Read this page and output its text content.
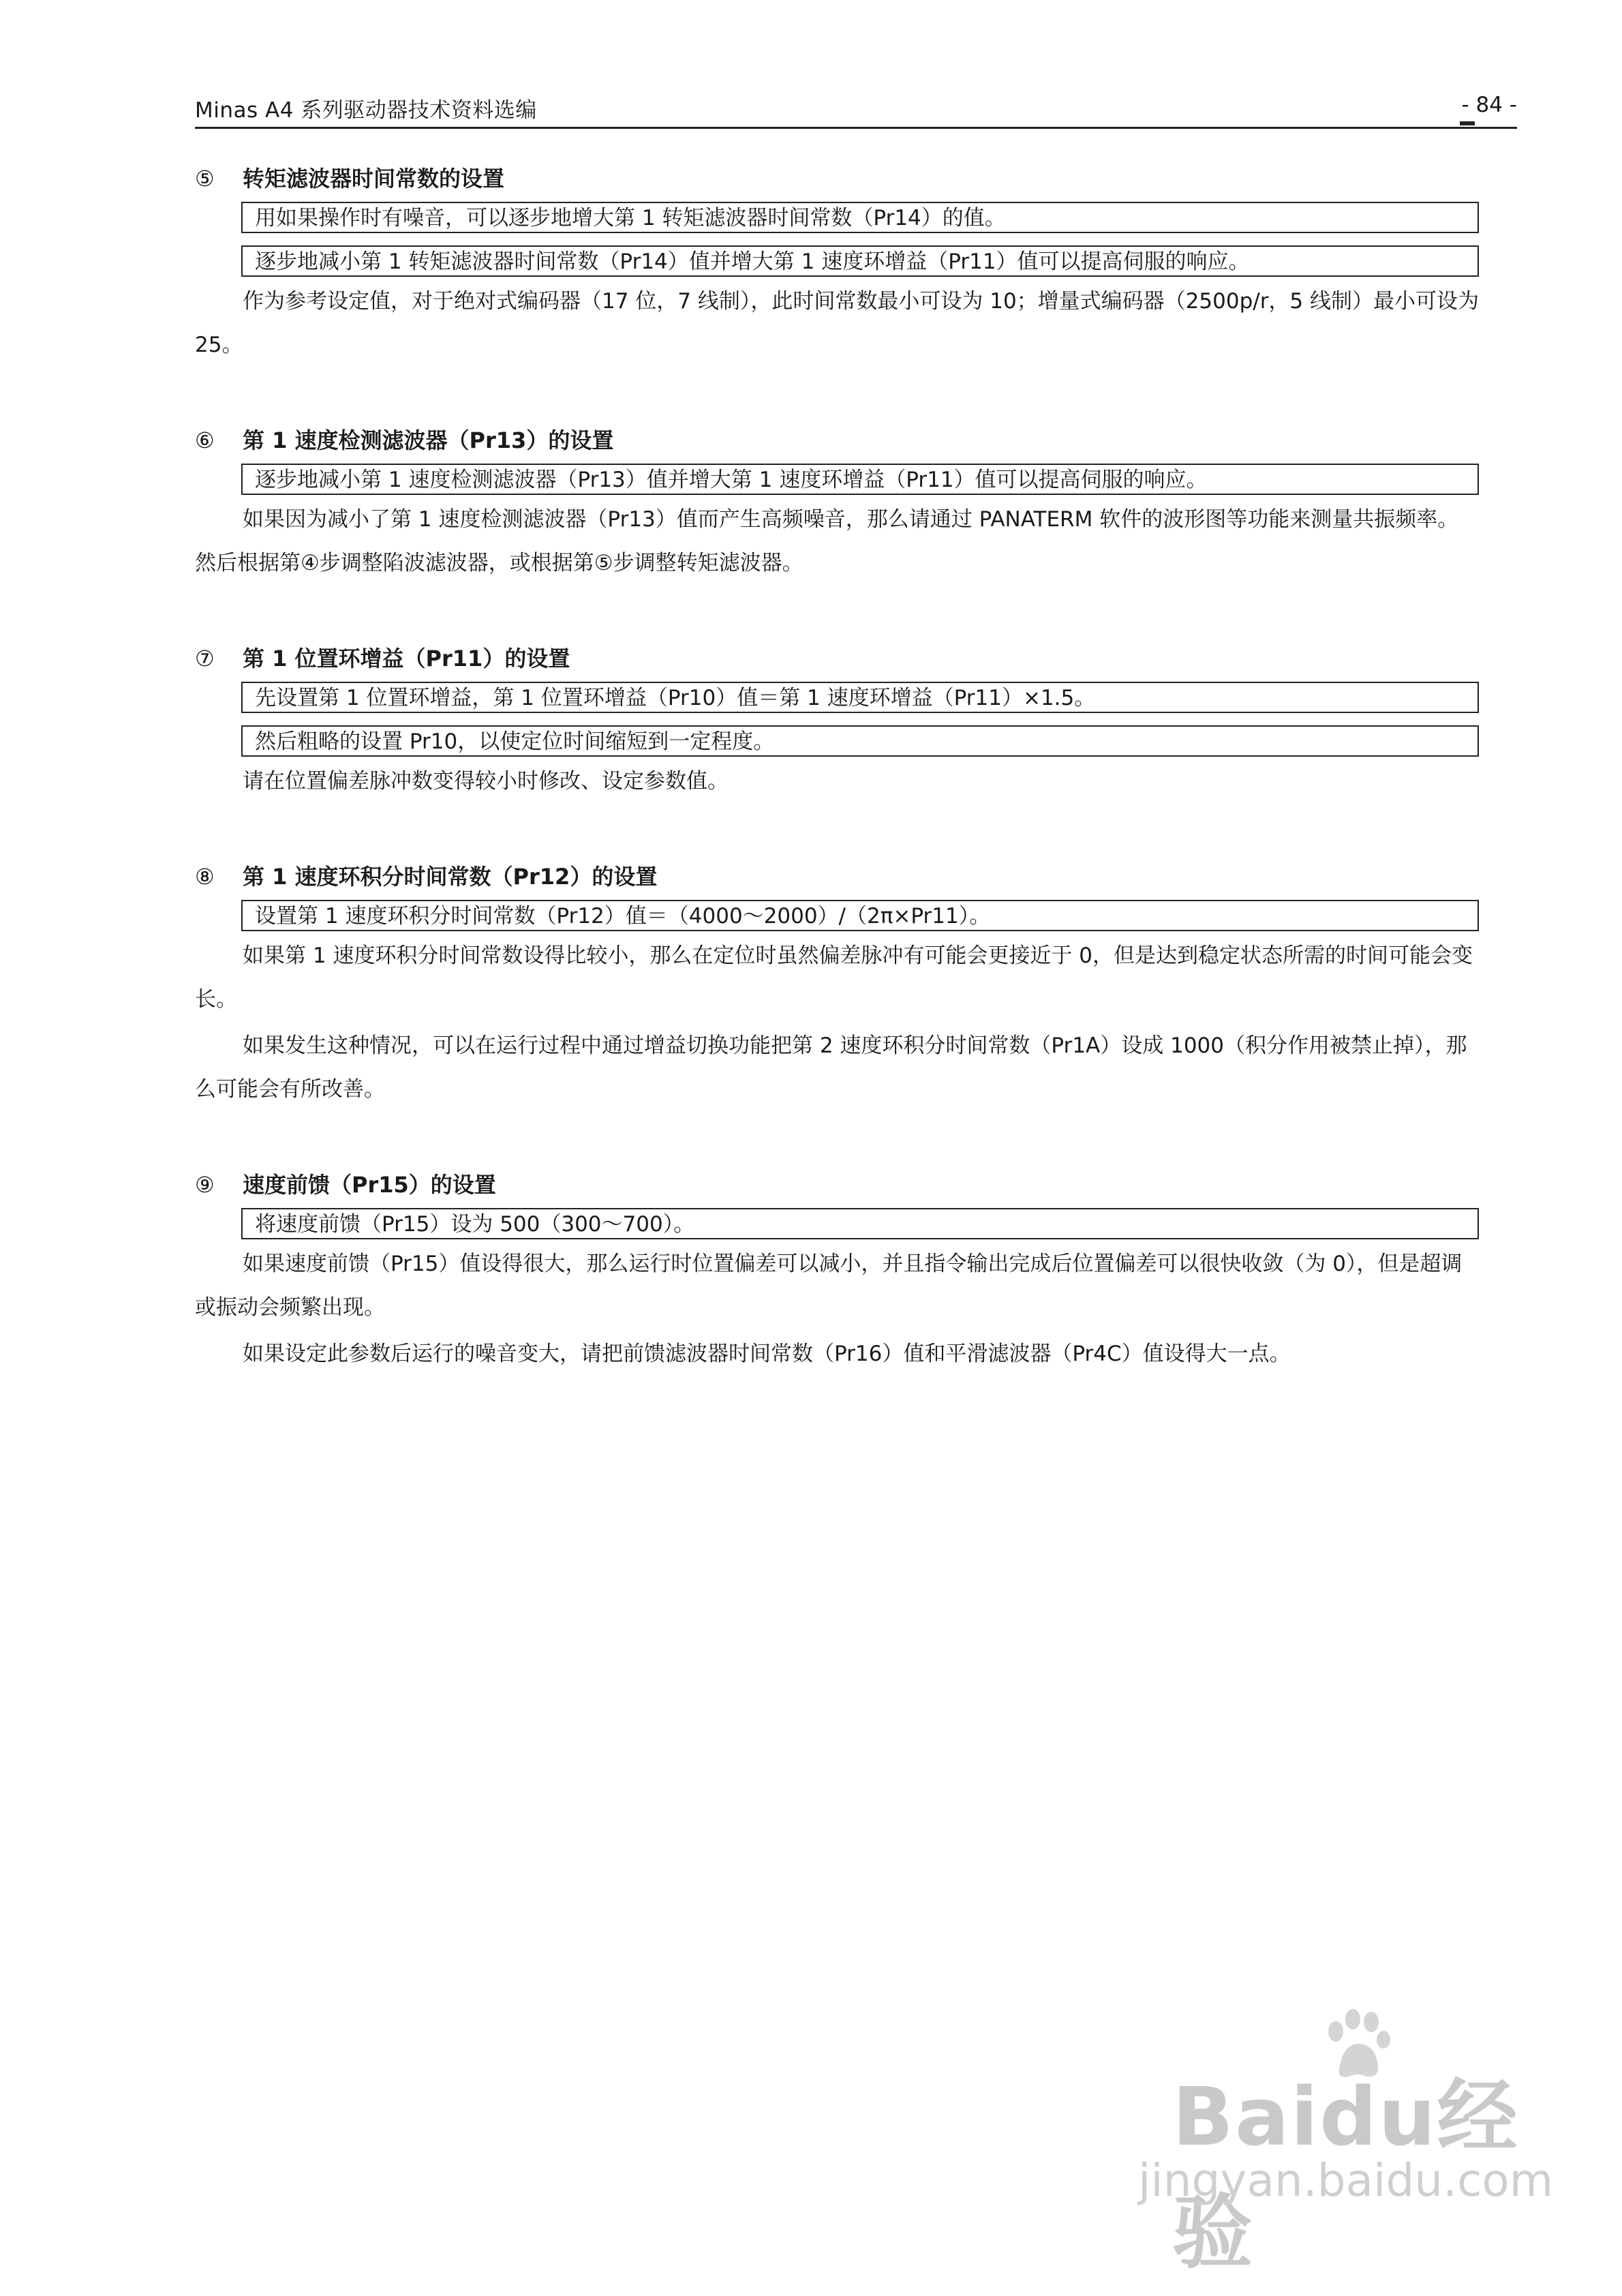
Minas A4 系列驱动器技术资料选编	- 84 -
⑤	转矩滤波器时间常数的设置
用如果操作时有噪音，可以逐步地增大第 1 转矩滤波器时间常数（Pr14）的值。
逐步地减小第 1 转矩滤波器时间常数（Pr14）值并增大第 1 速度环增益（Pr11）值可以提高伺服的响应。
作为参考设定值，对于绝对式编码器（17 位，7 线制），此时间常数最小可设为 10；增量式编码器（2500p/r，5 线制）最小可设为 25。
⑥	第 1 速度检测滤波器（Pr13）的设置
逐步地减小第 1 速度检测滤波器（Pr13）值并增大第 1 速度环增益（Pr11）值可以提高伺服的响应。
如果因为减小了第 1 速度检测滤波器（Pr13）值而产生高频噪音，那么请通过 PANATERM 软件的波形图等功能来测量共振频率。然后根据第④步调整陷波滤波器，或根据第⑤步调整转矩滤波器。
⑦	第 1 位置环增益（Pr11）的设置
先设置第 1 位置环增益，第 1 位置环增益（Pr10）值＝第 1 速度环增益（Pr11）×1.5。
然后粗略的设置 Pr10，以使定位时间缩短到一定程度。
请在位置偏差脉冲数变得较小时修改、设定参数值。
⑧	第 1 速度环积分时间常数（Pr12）的设置
设置第 1 速度环积分时间常数（Pr12）值＝（4000～2000）/（2π×Pr11）。
如果第 1 速度环积分时间常数设得比较小，那么在定位时虽然偏差脉冲有可能会更接近于 0，但是达到稳定状态所需的时间可能会变长。
如果发生这种情况，可以在运行过程中通过增益切换功能把第 2 速度环积分时间常数（Pr1A）设成 1000（积分作用被禁止掉），那么可能会有所改善。
⑨	速度前馈（Pr15）的设置
将速度前馈（Pr15）设为 500（300～700）。
如果速度前馈（Pr15）值设得很大，那么运行时位置偏差可以减小，并且指令输出完成后位置偏差可以很快收敛（为 0），但是超调或振动会频繁出现。
如果设定此参数后运行的噪音变大，请把前馈滤波器时间常数（Pr16）值和平滑滤波器（Pr4C）值设得大一点。
Baidu经验
jingyan.baidu.com
